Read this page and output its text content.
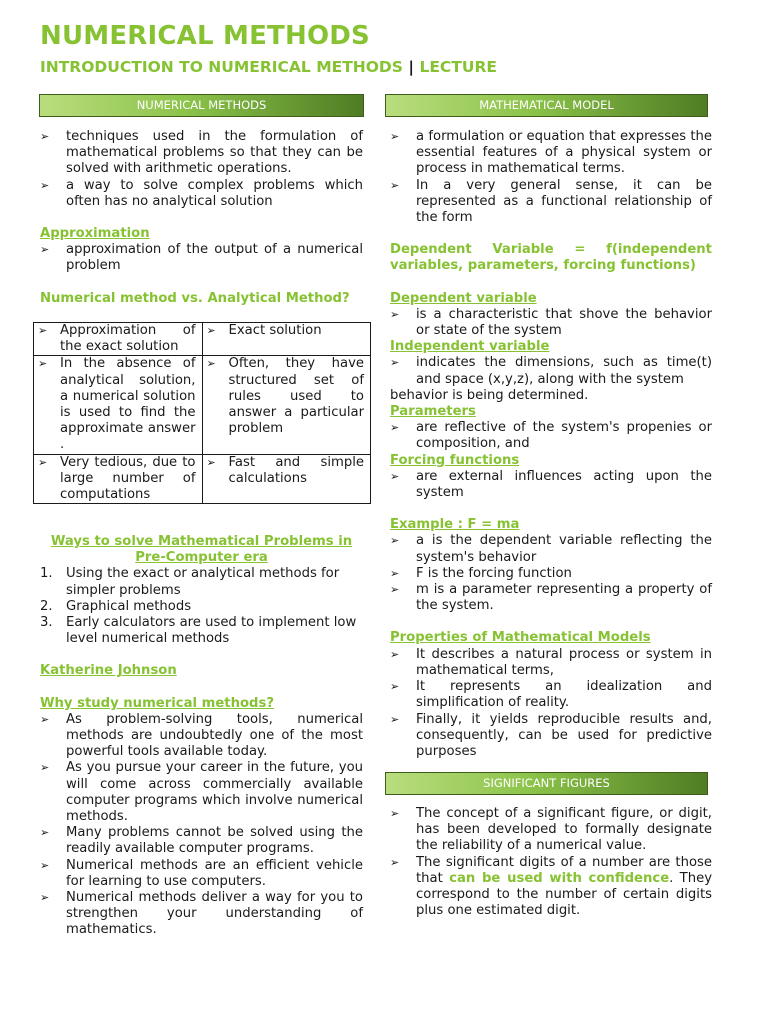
NUMERICAL METHODS
INTRODUCTION TO NUMERICAL METHODS | LECTURE
NUMERICAL METHODS	MATHEMATICAL MODEL
SIGNIFICANT FIGURES
➢ techniques used in the formulation of mathematical problems so that they can be solved with arithmetic operations.
➢ a way to solve complex problems which often has no analytical solution
Approximation
➢ approximation of the output of a numerical problem
Numerical method vs. Analytical Method?
➢ Approximation of the exact solution	➢ Exact solution

➢ In the absence of analytical solution, a numerical solution is used to find the approximate answer .	➢ Often, they have structured set of rules used to answer a particular problem

➢ Very tedious, due to large number of computations	➢ Fast and simple calculations
Ways to solve Mathematical Problems in
Pre-Computer era
1. Using the exact or analytical methods for simpler problems
2. Graphical methods
3. Early calculators are used to implement low level numerical methods
Katherine Johnson
Why study numerical methods?
➢ As problem-solving tools, numerical methods are undoubtedly one of the most powerful tools available today.
➢ As you pursue your career in the future, you will come across commercially available computer programs which involve numerical methods.
➢ Many problems cannot be solved using the readily available computer programs.
➢ Numerical methods are an efficient vehicle for learning to use computers.
➢ Numerical methods deliver a way for you to strengthen your understanding of mathematics.
➢ a formulation or equation that expresses the essential features of a physical system or process in mathematical terms.
➢ In a very general sense, it can be represented as a functional relationship of the form
Dependent Variable = f(independent variables, parameters, forcing functions)
Dependent variable
➢ is a characteristic that shove the behavior or state of the system
Independent variable
➢ indicates the dimensions, such as time(t) and space (x,y,z), along with the system
behavior is being determined.
Parameters
➢ are reflective of the system's propenies or composition, and
Forcing functions
➢ are external influences acting upon the system
Example : F = ma
➢ a is the dependent variable reflecting the system's behavior
➢ F is the forcing function
➢ m is a parameter representing a property of the system.
Properties of Mathematical Models
➢ It describes a natural process or system in mathematical terms,
➢ It represents an idealization and simplification of reality.
➢ Finally, it yields reproducible results and, consequently, can be used for predictive purposes
➢ The concept of a significant figure, or digit, has been developed to formally designate the reliability of a numerical value.
➢ The significant digits of a number are those that can be used with confidence. They correspond to the number of certain digits plus one estimated digit.
